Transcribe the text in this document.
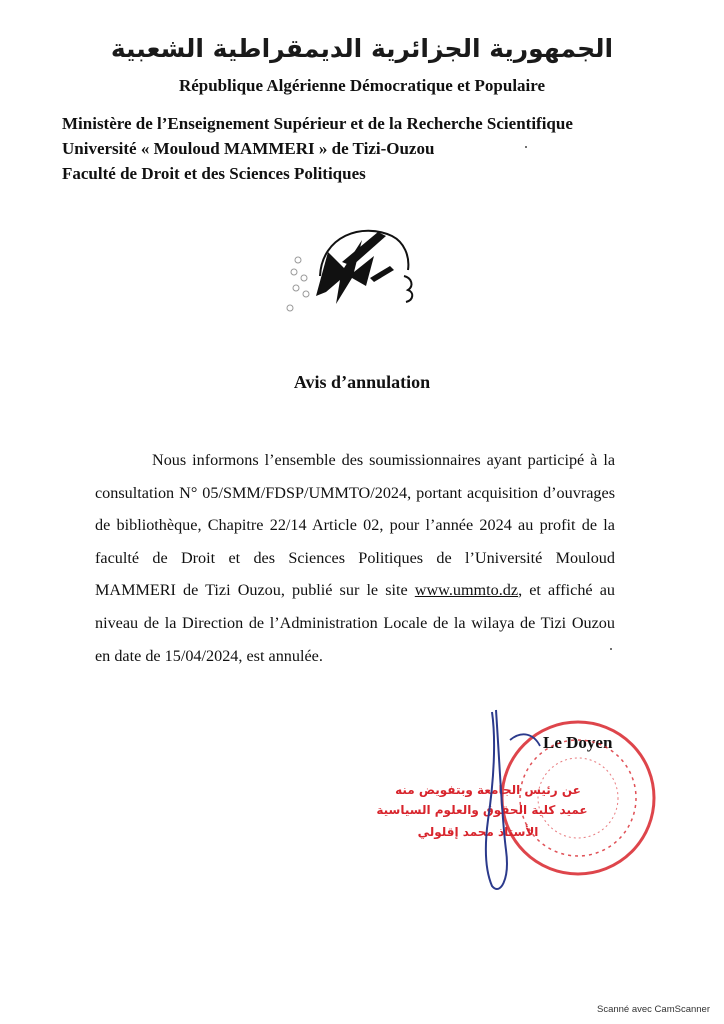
الجمهورية الجزائرية الديمقراطية الشعبية
République Algérienne Démocratique et Populaire
Ministère de l’Enseignement Supérieur et de la Recherche Scientifique
Université « Mouloud MAMMERI » de Tizi-Ouzou
Faculté de Droit et des Sciences Politiques
Avis d’annulation

Nous informons l’ensemble des soumissionnaires ayant participé à la consultation N° 05/SMM/FDSP/UMMTO/2024, portant acquisition d’ouvrages de bibliothèque, Chapitre 22/14 Article 02, pour l’année 2024 au profit de la faculté de Droit et des Sciences Politiques de l’Université Mouloud MAMMERI de Tizi Ouzou, publié sur le site www.ummto.dz, et affiché au niveau de la Direction de l’Administration Locale de la wilaya de Tizi Ouzou en date de 15/04/2024, est annulée.

Le Doyen
عن رئيس الجامعة وبتفويض منه
عميد كلية الحقوق والعلوم السياسية
الأستاذ محمد إقلولي
Scanné avec CamScanner
